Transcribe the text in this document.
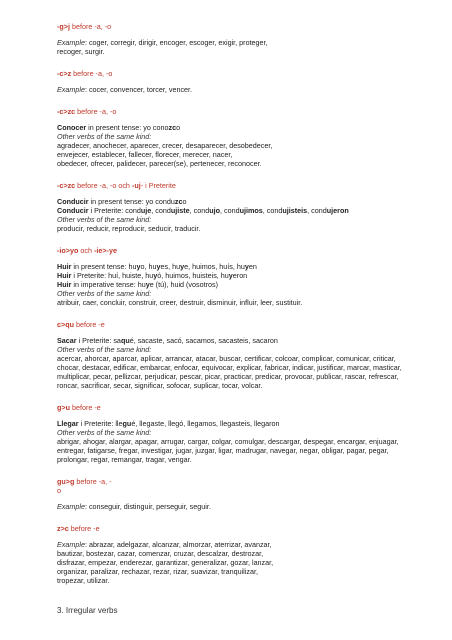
-g>j before -a, -o

Example: coger, corregir, dirigir, encoger, escoger, exigir, proteger,

recoger, surgir.

-c>z before -a, -o

Example: cocer, convencer, torcer, vencer.

-c>zc before -a, -o

Conocer in present tense: yo conozco

Other verbs of the same kind:

agradecer, anochecer, aparecer, crecer, desaparecer, desobedecer,

envejecer, establecer, fallecer, florecer, merecer, nacer,

obedecer, ofrecer, palidecer, parecer(se), pertenecer, reconocer.

-c>zc before -a, -o och -uj- i Preterite

Conducir in present tense: yo conduzco

Conducir i Preterite: conduje, condujiste, condujo, condujimos, condujisteis, condujeron

Other verbs of the same kind:

producir, reducir, reproducir, seducir, traducir.

-io>yo och -ie>-ye

Huir in present tense: huyo, huyes, huye, huimos, huís, huyen

Huir i Preterite: huí, huiste, huyó, huimos, huisteis, huyeron

Huir in imperative tense: huye (tú), huid (vosotros)

Other verbs of the same kind:

atribuir, caer, concluir, construir, creer, destruir, disminuir, influir, leer, sustituir.

c>qu before -e

Sacar i Preterite: saqué, sacaste, sacó, sacamos, sacasteis, sacaron

Other verbs of the same kind:

acercar, ahorcar, aparcar, aplicar, arrancar, atacar, buscar, certificar, colcoar, complicar, comunicar, criticar,

chocar, destacar, edificar, embarcar, enfocar, equivocar, explicar, fabricar, indicar, justificar, marcar, masticar,

multiplicar, pecar, pellizcar, perjudicar, pescar, picar, practicar, predicar, provocar, publicar, rascar, refrescar,

roncar, sacrificar, secar, significar, sofocar, suplicar, tocar, volcar.

g>u before -e

Llegar i Preterite: llegué, llegaste, llegó, llegamos, llegasteis, llegaron

Other verbs of the same kind:

abrigar, ahogar, alargar, apagar, arrugar, cargar, colgar, comulgar, descargar, despegar, encargar, enjuagar,

entregar, fatigarse, fregar, investigar, jugar, juzgar, ligar, madrugar, navegar, negar, obligar, pagar, pegar,

prolongar, regar, remangar, tragar, vengar.

gu>g before -a, -
o

Example: conseguir, distinguir, perseguir, seguir.

z>c before -e

Example: abrazar, adelgazar, alcanzar, almorzar, aterrizar, avanzar,

bautizar, bostezar, cazar, comenzar, cruzar, descalzar, destrozar,

disfrazar, empezar, enderezar, garantizar, generalizar, gozar, lanzar,

organizar, paralizar, rechazar, rezar, rizar, suavizar, tranquilizar,

tropezar, utilizar.

3. Irregular verbs
